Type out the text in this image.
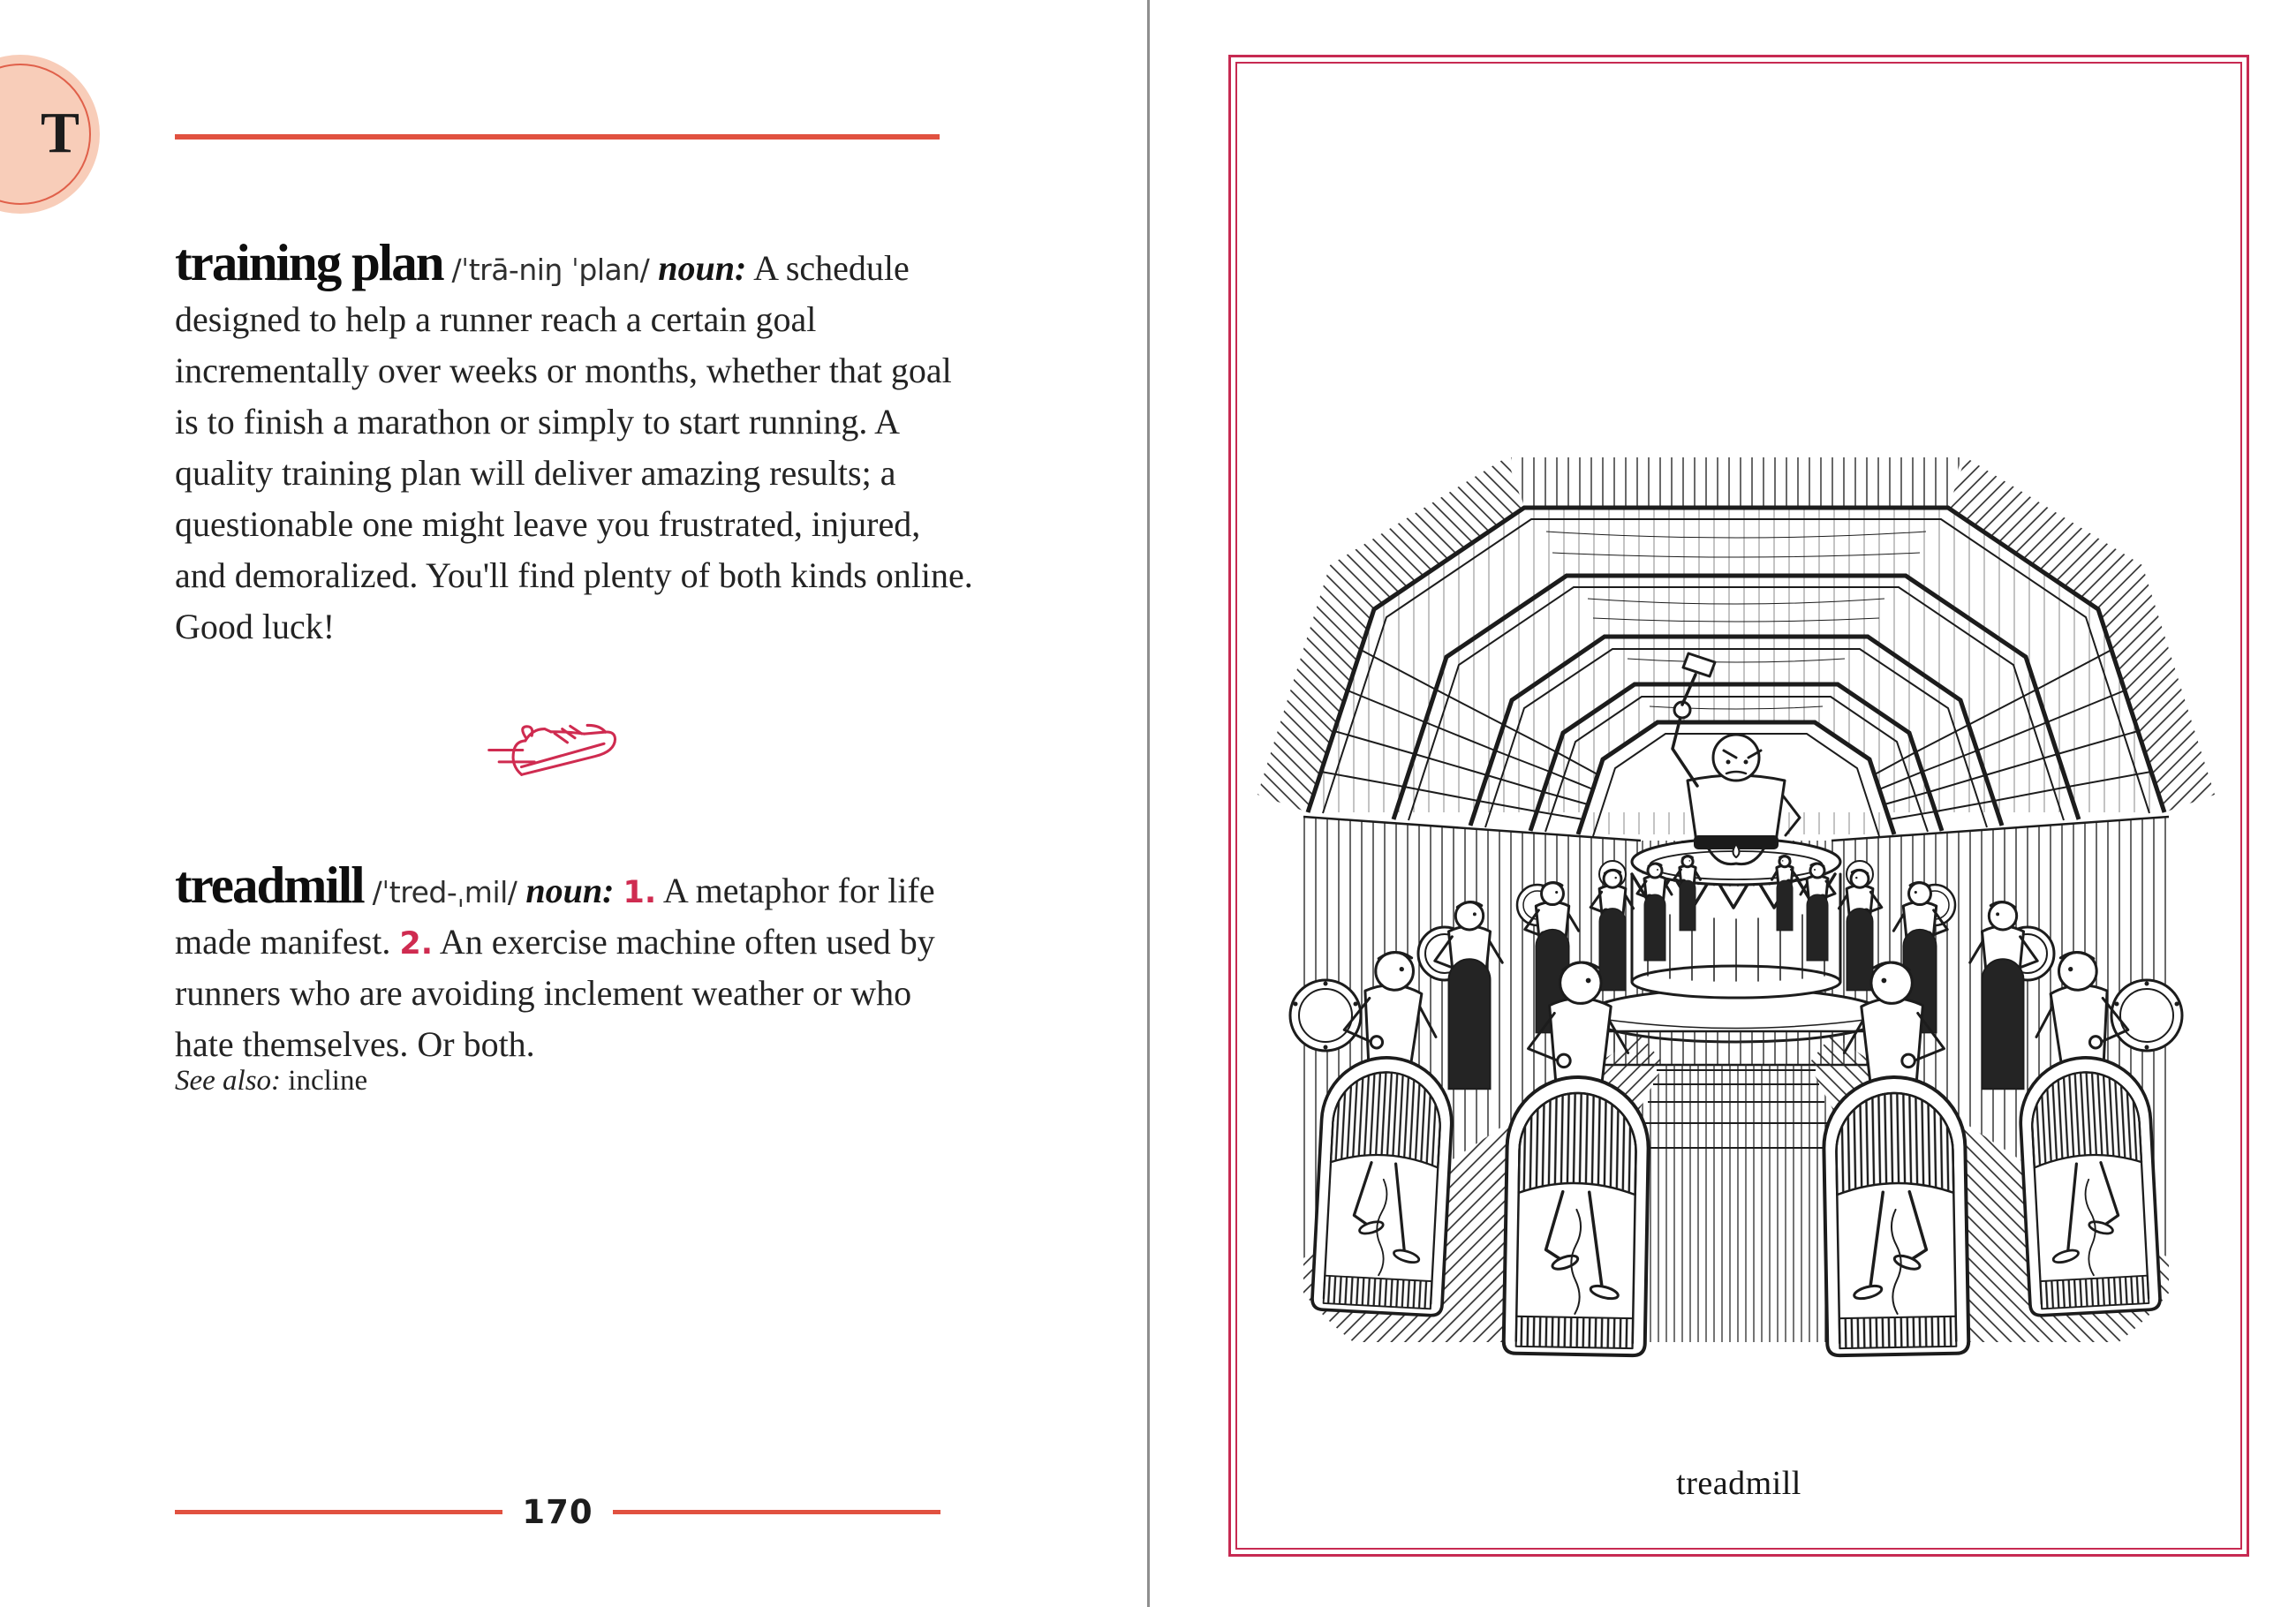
T

training plan /ˈtrā-niŋ ˈplan/ noun: A schedule designed to help a runner reach a certain goal incrementally over weeks or months, whether that goal is to finish a marathon or simply to start running. A quality training plan will deliver amazing results; a questionable one might leave you frustrated, injured, and demoralized. You'll find plenty of both kinds online. Good luck!

treadmill /ˈtred-ˌmil/ noun: 1. A metaphor for life made manifest. 2. An exercise machine often used by runners who are avoiding inclement weather or who hate themselves. Or both.

See also: incline

170
treadmill
